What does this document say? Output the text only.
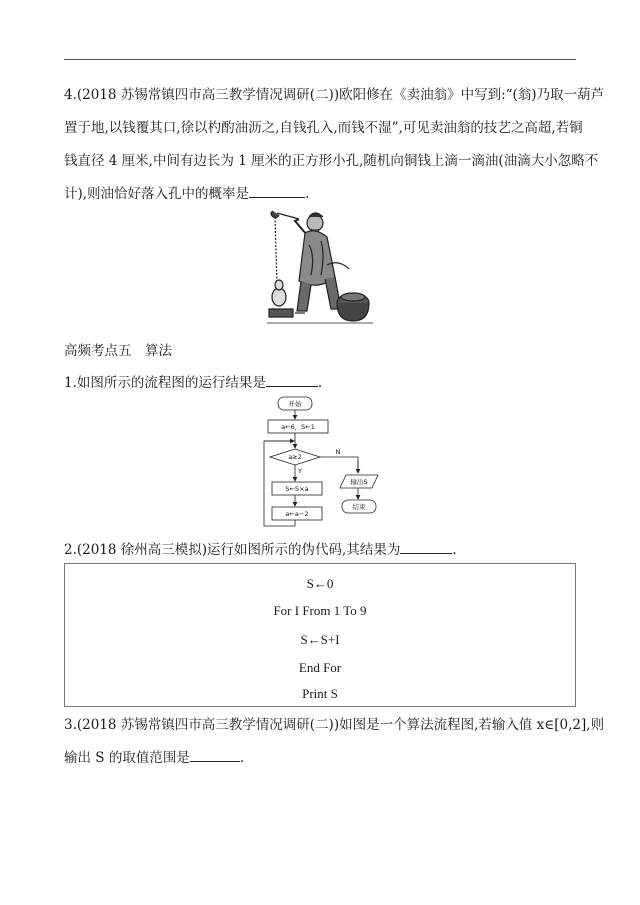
4.(2018 苏锡常镇四市高三教学情况调研(二))欧阳修在《卖油翁》中写到:“(翁)乃取一葫芦
置于地,以钱覆其口,徐以杓酌油沥之,自钱孔入,而钱不湿”,可见卖油翁的技艺之高超,若铜
钱直径 4 厘米,中间有边长为 1 厘米的正方形小孔,随机向铜钱上滴一滴油(油滴大小忽略不
计),则油恰好落入孔中的概率是	.
高频考点五　算法
1.如图所示的流程图的运行结果是	.
开始
a←6，S←1
a≥2
Y
N
S←S×a
输出S
结束
a←a−2
2.(2018 徐州高三模拟)运行如图所示的伪代码,其结果为	.
S←0
For I From 1 To 9
S←S+I
End For
Print S
3.(2018 苏锡常镇四市高三教学情况调研(二))如图是一个算法流程图,若输入值 x∈[0,2],则
输出 S 的取值范围是	.
